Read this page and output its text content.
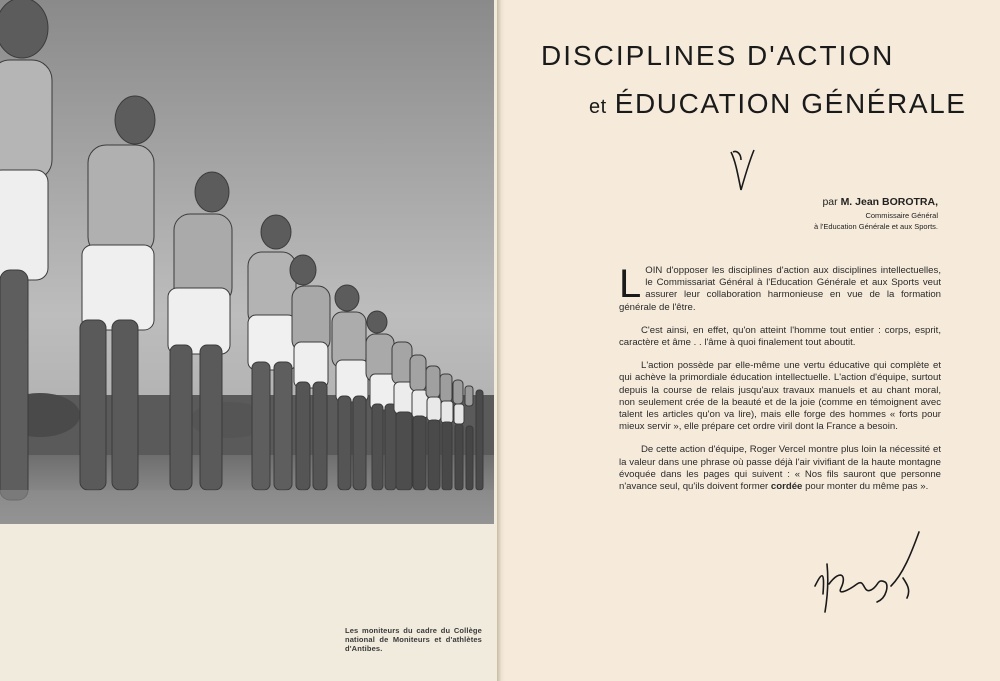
Les moniteurs du cadre du Collège national de Moniteurs et d'athlètes d'Antibes.
DISCIPLINES D'ACTION
et ÉDUCATION GÉNÉRALE
par M. Jean BOROTRA,
Commissaire Général
à l'Education Générale et aux Sports.

LOIN d'opposer les disciplines d'action aux disciplines intellectuelles, le Commissariat Général à l'Education Générale et aux Sports veut assurer leur collaboration harmonieuse en vue de la formation générale de l'être.

C'est ainsi, en effet, qu'on atteint l'homme tout entier : corps, esprit, caractère et âme . . l'âme à quoi finalement tout aboutit.

L'action possède par elle-même une vertu éducative qui complète et qui achève la primordiale éducation intellectuelle. L'action d'équipe, surtout depuis la course de relais jusqu'aux travaux manuels et au chant moral, non seulement crée de la beauté et de la joie (comme en témoignent avec talent les articles qu'on va lire), mais elle forge des hommes « forts pour mieux servir », elle prépare cet ordre viril dont la France a besoin.

De cette action d'équipe, Roger Vercel montre plus loin la nécessité et la valeur dans une phrase où passe déjà l'air vivifiant de la haute montagne évoquée dans les pages qui suivent : « Nos fils sauront que personne n'avance seul, qu'ils doivent former cordée pour monter du même pas ».
